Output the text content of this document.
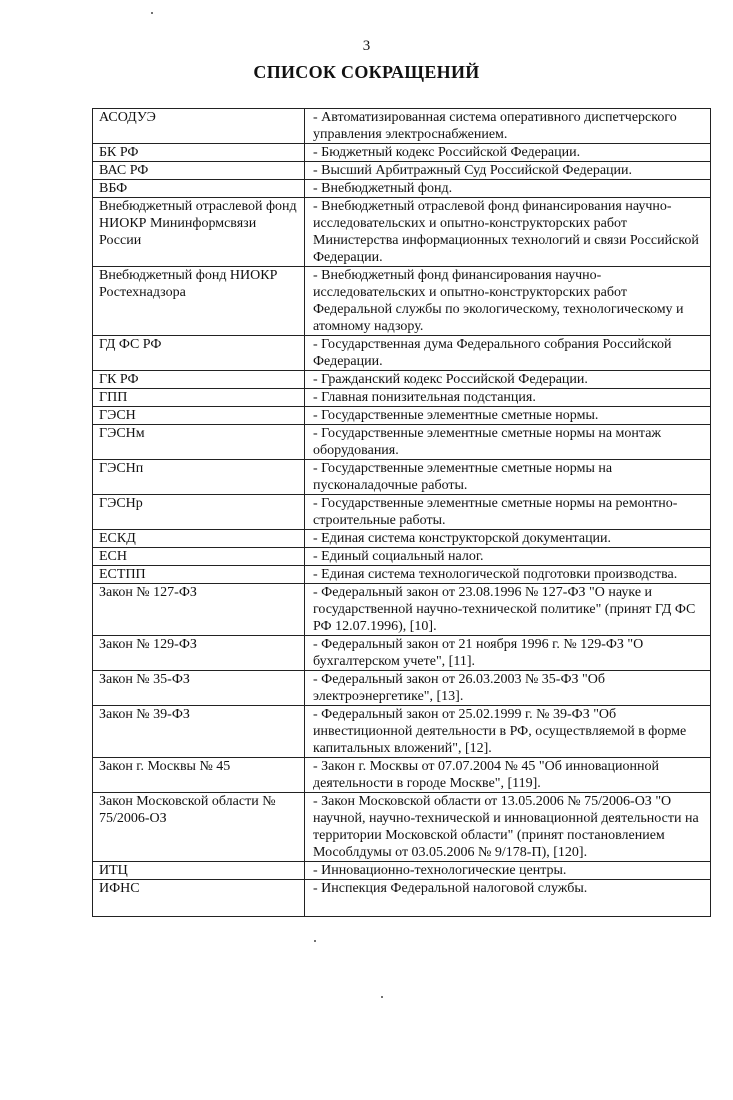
3
СПИСОК СОКРАЩЕНИЙ
АСОДУЭ	- Автоматизированная система оперативного диспетчерского управления электроснабжением.
БК РФ	- Бюджетный кодекс Российской Федерации.
ВАС РФ	- Высший Арбитражный Суд Российской Федерации.
ВБФ	- Внебюджетный фонд.
Внебюджетный отраслевой фонд НИОКР Мининформсвязи России	- Внебюджетный отраслевой фонд финансирования научно-исследовательских и опытно-конструкторских работ Министерства информационных технологий и связи Российской Федерации.
Внебюджетный фонд НИОКР Ростехнадзора	- Внебюджетный фонд финансирования научно-исследовательских и опытно-конструкторских работ Федеральной службы по экологическому, технологическому и атомному надзору.
ГД ФС РФ	- Государственная дума Федерального собрания Российской Федерации.
ГК РФ	- Гражданский кодекс Российской Федерации.
ГПП	- Главная понизительная подстанция.
ГЭСН	- Государственные элементные сметные нормы.
ГЭСНм	- Государственные элементные сметные нормы на монтаж оборудования.
ГЭСНп	- Государственные элементные сметные нормы на пусконаладочные работы.
ГЭСНр	- Государственные элементные сметные нормы на ремонтно-строительные работы.
ЕСКД	- Единая система конструкторской документации.
ЕСН	- Единый социальный налог.
ЕСТПП	- Единая система технологической подготовки производства.
Закон № 127-ФЗ	- Федеральный закон от 23.08.1996 № 127-ФЗ "О науке и государственной научно-технической политике" (принят ГД ФС РФ 12.07.1996), [10].
Закон № 129-ФЗ	- Федеральный закон от 21 ноября 1996 г. № 129-ФЗ "О бухгалтерском учете", [11].
Закон № 35-ФЗ	- Федеральный закон от 26.03.2003 № 35-ФЗ "Об электроэнергетике", [13].
Закон № 39-ФЗ	- Федеральный закон от 25.02.1999 г. № 39-ФЗ "Об инвестиционной деятельности в РФ, осуществляемой в форме капитальных вложений", [12].
Закон г. Москвы № 45	- Закон г. Москвы от 07.07.2004 № 45 "Об инновационной деятельности в городе Москве", [119].
Закон Московской области № 75/2006-ОЗ	- Закон Московской области от 13.05.2006 № 75/2006-ОЗ "О научной, научно-технической и инновационной деятельности на территории Московской области" (принят постановлением Мособлдумы от 03.05.2006 № 9/178-П), [120].
ИТЦ	- Инновационно-технологические центры.
ИФНС	- Инспекция Федеральной налоговой службы.
